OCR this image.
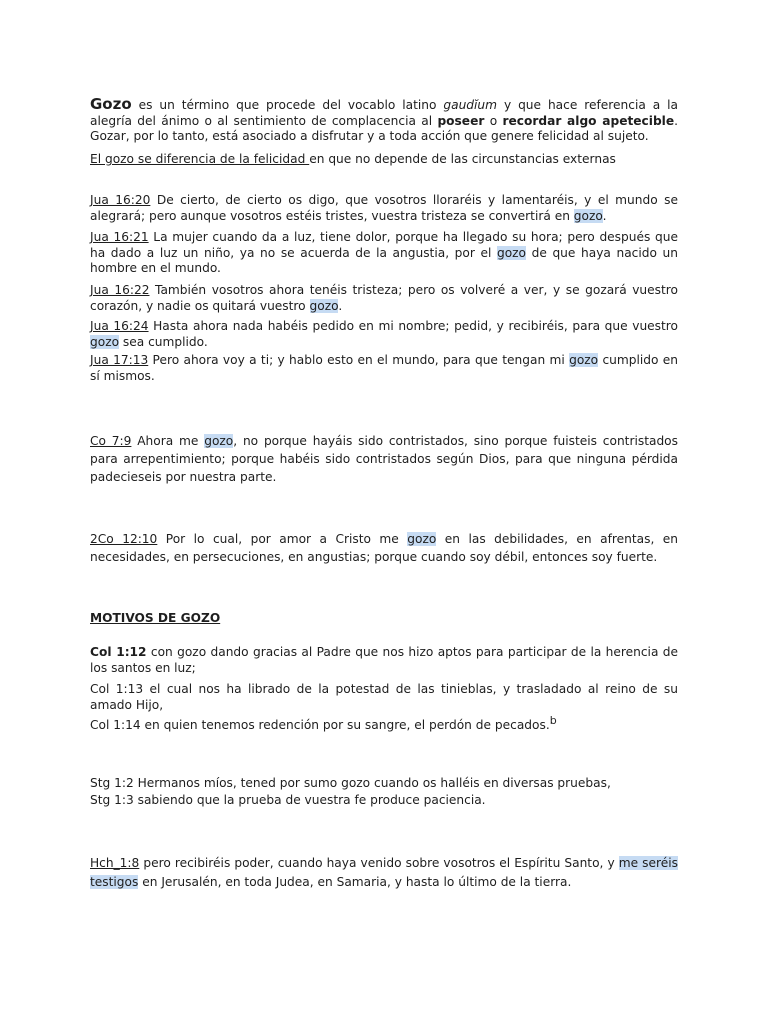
Gozo es un término que procede del vocablo latino gaudĭum y que hace referencia a la alegría del ánimo o al sentimiento de complacencia al poseer o recordar algo apetecible. Gozar, por lo tanto, está asociado a disfrutar y a toda acción que genere felicidad al sujeto.

El gozo se diferencia de la felicidad en que no depende de las circunstancias externas

Jua 16:20 De cierto, de cierto os digo, que vosotros lloraréis y lamentaréis, y el mundo se alegrará; pero aunque vosotros estéis tristes, vuestra tristeza se convertirá en gozo.

Jua 16:21 La mujer cuando da a luz, tiene dolor, porque ha llegado su hora; pero después que ha dado a luz un niño, ya no se acuerda de la angustia, por el gozo de que haya nacido un hombre en el mundo.

Jua 16:22 También vosotros ahora tenéis tristeza; pero os volveré a ver, y se gozará vuestro corazón, y nadie os quitará vuestro gozo.

Jua 16:24 Hasta ahora nada habéis pedido en mi nombre; pedid, y recibiréis, para que vuestro gozo sea cumplido.

Jua 17:13 Pero ahora voy a ti; y hablo esto en el mundo, para que tengan mi gozo cumplido en sí mismos.

Co 7:9 Ahora me gozo, no porque hayáis sido contristados, sino porque fuisteis contristados para arrepentimiento; porque habéis sido contristados según Dios, para que ninguna pérdida padecieseis por nuestra parte.

2Co 12:10 Por lo cual, por amor a Cristo me gozo en las debilidades, en afrentas, en necesidades, en persecuciones, en angustias; porque cuando soy débil, entonces soy fuerte.

MOTIVOS DE GOZO

Col 1:12 con gozo dando gracias al Padre que nos hizo aptos para participar de la herencia de los santos en luz;

Col 1:13 el cual nos ha librado de la potestad de las tinieblas, y trasladado al reino de su amado Hijo,

Col 1:14 en quien tenemos redención por su sangre, el perdón de pecados.b

Stg 1:2 Hermanos míos, tened por sumo gozo cuando os halléis en diversas pruebas,

Stg 1:3 sabiendo que la prueba de vuestra fe produce paciencia.

Hch_1:8 pero recibiréis poder, cuando haya venido sobre vosotros el Espíritu Santo, y me seréis testigos en Jerusalén, en toda Judea, en Samaria, y hasta lo último de la tierra.
